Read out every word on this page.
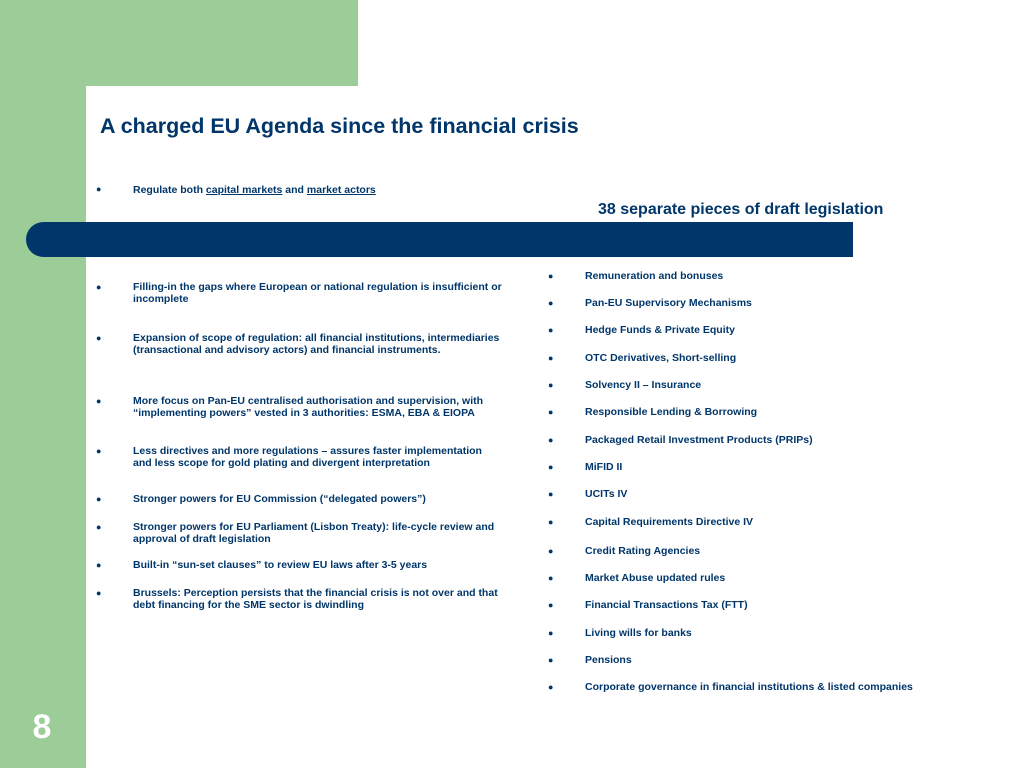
8
A charged EU Agenda since the financial crisis
●	Regulate both capital markets and market actors
38 separate pieces of draft legislation
●	Filling-in the gaps where European or national regulation is insufficient or incomplete
●	Expansion of scope of regulation: all financial institutions, intermediaries (transactional and advisory actors) and financial instruments.
●	More focus on Pan-EU centralised authorisation and supervision, with “implementing powers” vested in 3 authorities: ESMA, EBA & EIOPA
●	Less directives and more regulations – assures faster implementation and less scope for gold plating and divergent interpretation
●	Stronger powers for EU Commission (“delegated powers”)
●	Stronger powers for EU Parliament (Lisbon Treaty): life-cycle review and approval of draft legislation
●	Built-in “sun-set clauses” to review EU laws after 3-5 years
●	Brussels: Perception persists that the financial crisis is not over and that debt financing for the SME sector is dwindling
●	Remuneration and bonuses
●	Pan-EU Supervisory Mechanisms
●	Hedge Funds & Private Equity
●	OTC Derivatives, Short-selling
●	Solvency II – Insurance
●	Responsible Lending & Borrowing
●	Packaged Retail Investment Products (PRIPs)
●	MiFID II
●	UCITs IV
●	Capital Requirements Directive IV
●	Credit Rating Agencies
●	Market Abuse updated rules
●	Financial Transactions Tax (FTT)
●	Living wills for banks
●	Pensions
●	Corporate governance in financial institutions & listed companies
